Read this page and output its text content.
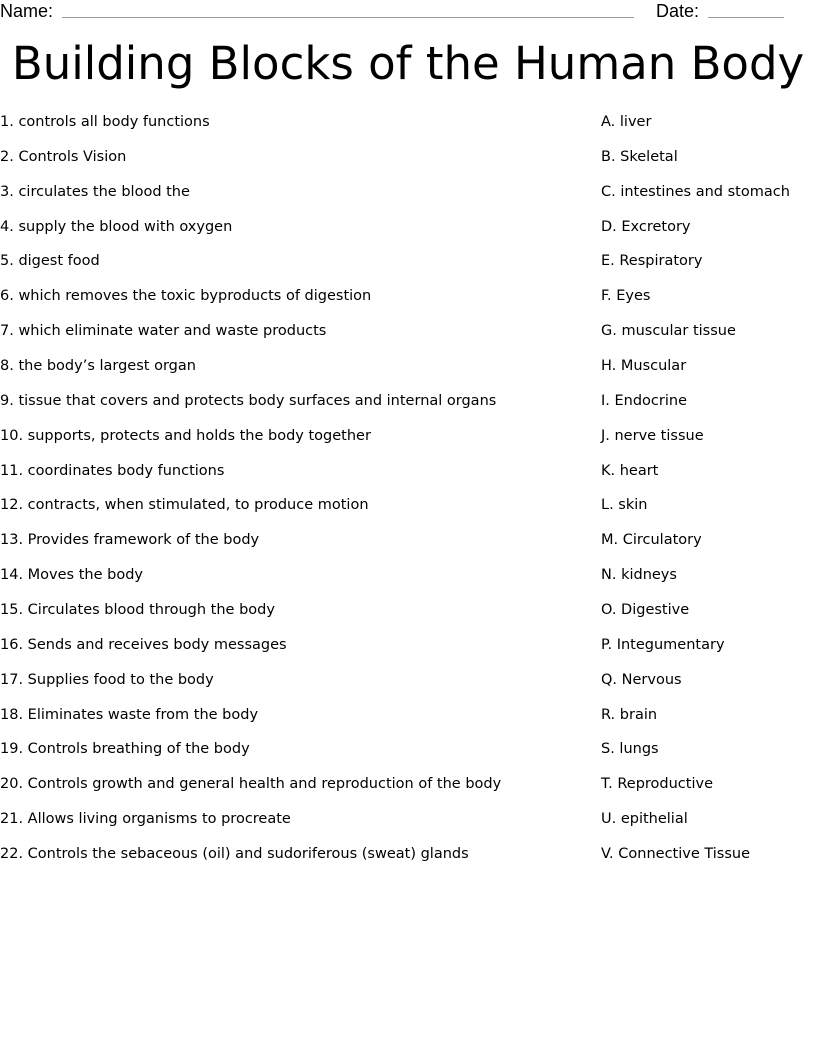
Name:	Date:
Building Blocks of the Human Body
1. controls all body functions
2. Controls Vision
3. circulates the blood the
4. supply the blood with oxygen
5. digest food
6. which removes the toxic byproducts of digestion
7. which eliminate water and waste products
8. the body’s largest organ
9. tissue that covers and protects body surfaces and internal organs
10. supports, protects and holds the body together
11. coordinates body functions
12. contracts, when stimulated, to produce motion
13. Provides framework of the body
14. Moves the body
15. Circulates blood through the body
16. Sends and receives body messages
17. Supplies food to the body
18. Eliminates waste from the body
19. Controls breathing of the body
20. Controls growth and general health and reproduction of the body
21. Allows living organisms to procreate
22. Controls the sebaceous (oil) and sudoriferous (sweat) glands
A. liver
B. Skeletal
C. intestines and stomach
D. Excretory
E. Respiratory
F. Eyes
G. muscular tissue
H. Muscular
I. Endocrine
J. nerve tissue
K. heart
L. skin
M. Circulatory
N. kidneys
O. Digestive
P. Integumentary
Q. Nervous
R. brain
S. lungs
T. Reproductive
U. epithelial
V. Connective Tissue
